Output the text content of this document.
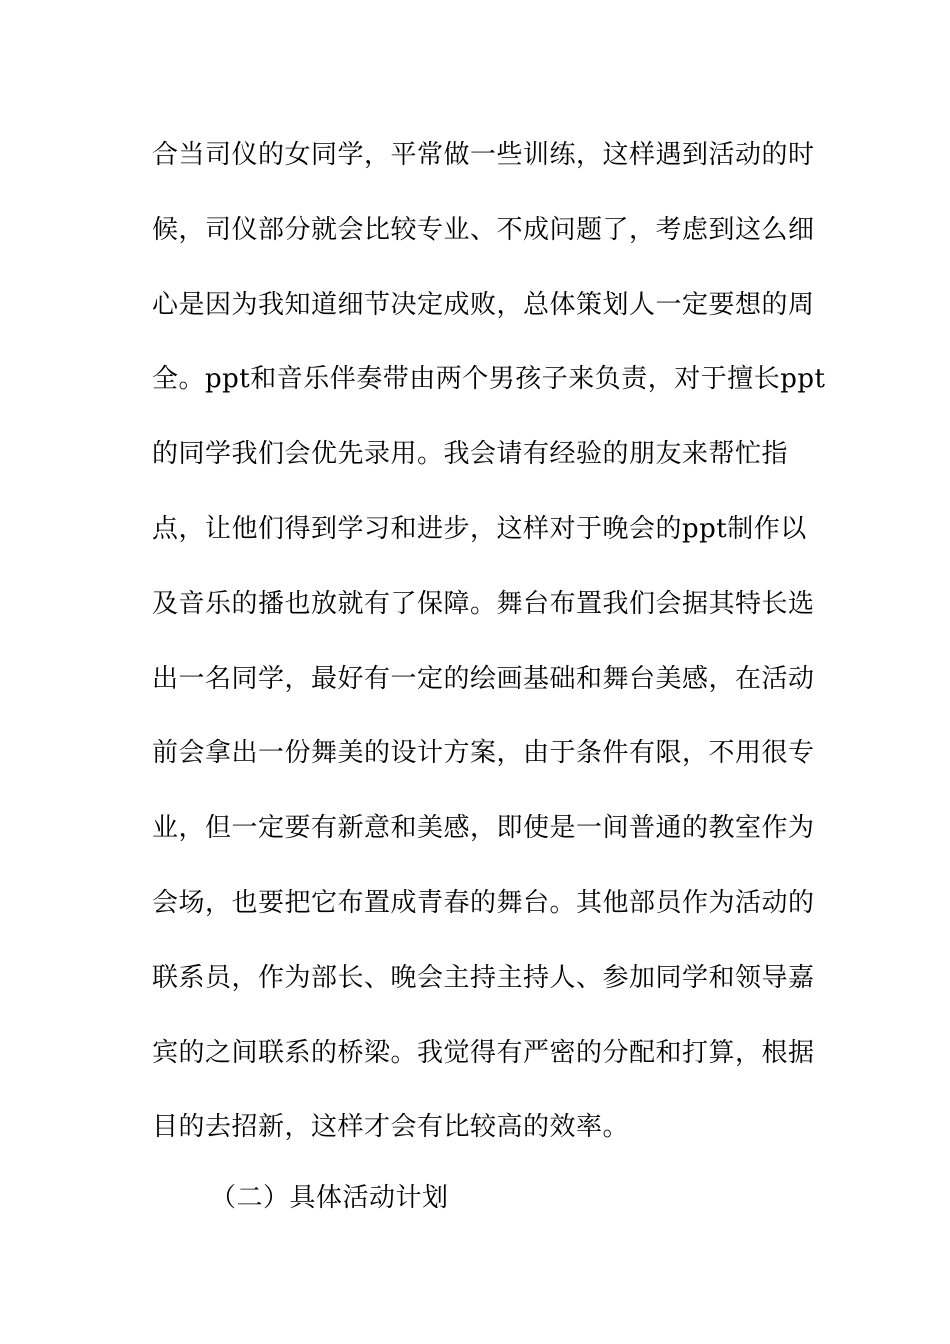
合当司仪的女同学，平常做一些训练，这样遇到活动的时
候，司仪部分就会比较专业、不成问题了，考虑到这么细
心是因为我知道细节决定成败，总体策划人一定要想的周
全。ppt和音乐伴奏带由两个男孩子来负责，对于擅长ppt
的同学我们会优先录用。我会请有经验的朋友来帮忙指
点，让他们得到学习和进步，这样对于晚会的ppt制作以
及音乐的播也放就有了保障。舞台布置我们会据其特长选
出一名同学，最好有一定的绘画基础和舞台美感，在活动
前会拿出一份舞美的设计方案，由于条件有限，不用很专
业，但一定要有新意和美感，即使是一间普通的教室作为
会场，也要把它布置成青春的舞台。其他部员作为活动的
联系员，作为部长、晚会主持主持人、参加同学和领导嘉
宾的之间联系的桥梁。我觉得有严密的分配和打算，根据
目的去招新，这样才会有比较高的效率。
（二）具体活动计划
